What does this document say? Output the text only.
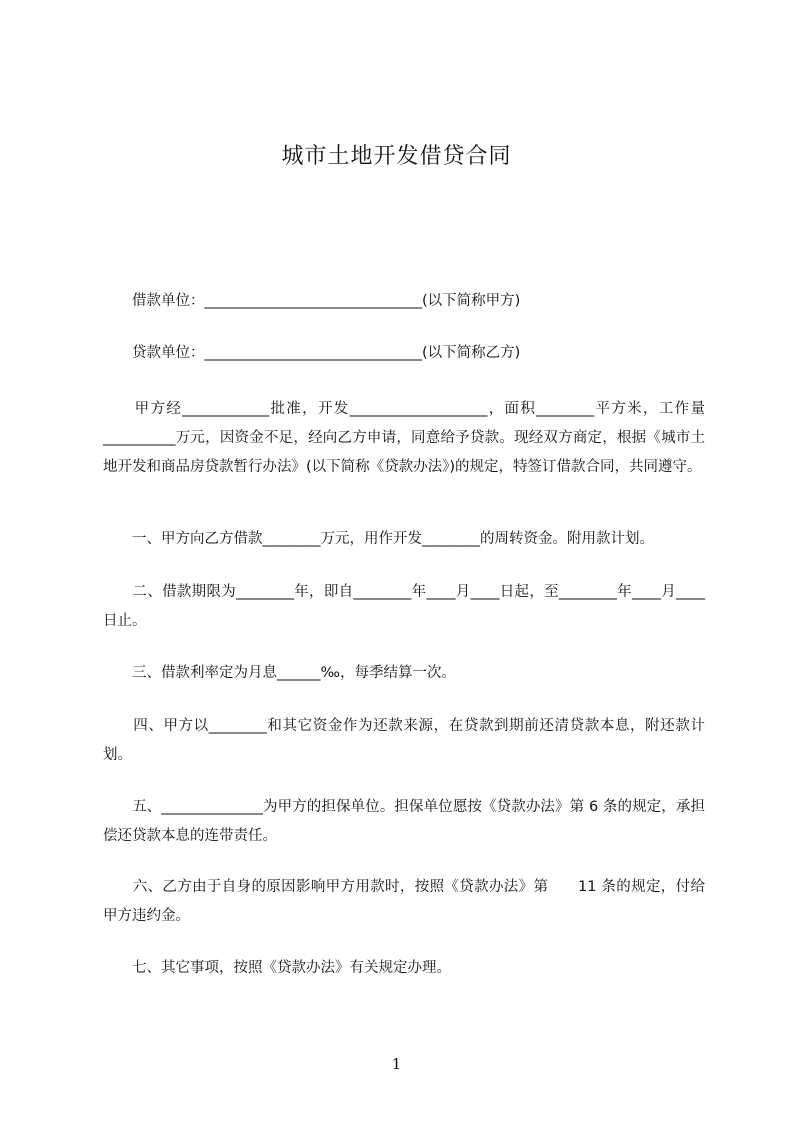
城市土地开发借贷合同

　　借款单位：______________________________(以下简称甲方)

　　贷款单位：______________________________(以下简称乙方)

　　甲方经____________批准，开发___________________，面积________平方米，工作量__________万元，因资金不足，经向乙方申请，同意给予贷款。现经双方商定，根据《城市土地开发和商品房贷款暂行办法》(以下简称《贷款办法》)的规定，特签订借款合同，共同遵守。

　　一、甲方向乙方借款________万元，用作开发________的周转资金。附用款计划。

　　二、借款期限为________年，即自________年____月____日起，至________年____月____日止。

　　三、借款利率定为月息______‰，每季结算一次。

　　四、甲方以________和其它资金作为还款来源，在贷款到期前还清贷款本息，附还款计划。

　　五、______________为甲方的担保单位。担保单位愿按《贷款办法》第 6 条的规定，承担偿还贷款本息的连带责任。

　　六、乙方由于自身的原因影响甲方用款时，按照《贷款办法》第　　11 条的规定，付给甲方违约金。

　　七、其它事项，按照《贷款办法》有关规定办理。

1
